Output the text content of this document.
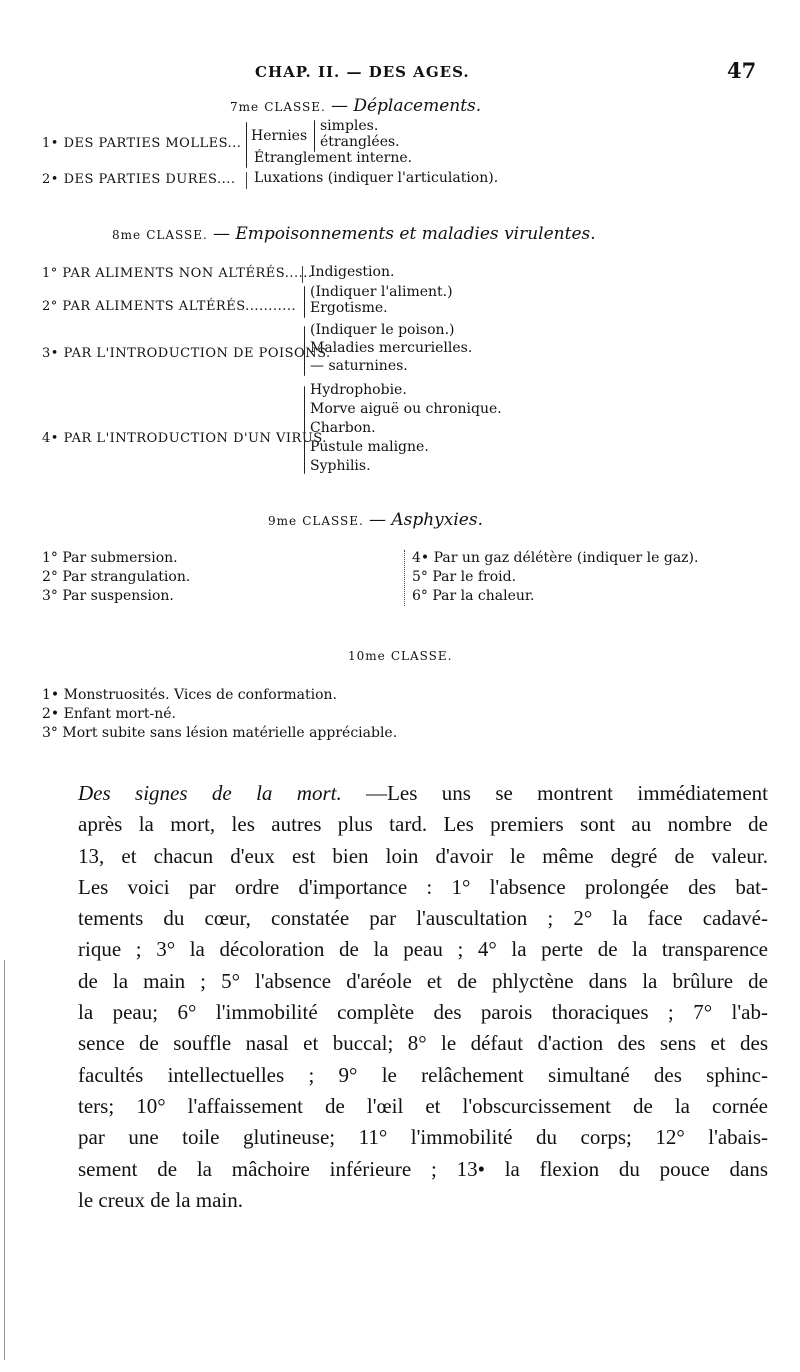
CHAP. II. — DES AGES.	47
7me CLASSE. — Déplacements.
1• DES PARTIES MOLLES... Hernies
simples.
étranglées.
Étranglement interne.
2• DES PARTIES DURES.... Luxations (indiquer l'articulation).
8me CLASSE. — Empoisonnements et maladies virulentes.
1° PAR ALIMENTS NON ALTÉRÉS......
Indigestion.
2° PAR ALIMENTS ALTÉRÉS...........
(Indiquer l'aliment.)
Ergotisme.
3• PAR L'INTRODUCTION DE POISONS.
(Indiquer le poison.)
Maladies mercurielles.
— saturnines.
4• PAR L'INTRODUCTION D'UN VIRUS.
Hydrophobie.
Morve aiguë ou chronique.
Charbon.
Pustule maligne.
Syphilis.
9me CLASSE. — Asphyxies.
1° Par submersion.
2° Par strangulation.
3° Par suspension.
4• Par un gaz délétère (indiquer le gaz).
5° Par le froid.
6° Par la chaleur.
10me CLASSE.
1• Monstruosités. Vices de conformation.
2• Enfant mort-né.
3° Mort subite sans lésion matérielle appréciable.

Des signes de la mort. —Les uns se montrent immédiatement

après la mort, les autres plus tard. Les premiers sont au nombre de

13, et chacun d'eux est bien loin d'avoir le même degré de valeur.

Les voici par ordre d'importance : 1° l'absence prolongée des bat-

tements du cœur, constatée par l'auscultation ; 2° la face cadavé-

rique ; 3° la décoloration de la peau ; 4° la perte de la transparence

de la main ; 5° l'absence d'aréole et de phlyctène dans la brûlure de

la peau; 6° l'immobilité complète des parois thoraciques ; 7° l'ab-

sence de souffle nasal et buccal; 8° le défaut d'action des sens et des

facultés intellectuelles ; 9° le relâchement simultané des sphinc-

ters; 10° l'affaissement de l'œil et l'obscurcissement de la cornée

par une toile glutineuse; 11° l'immobilité du corps; 12° l'abais-

sement de la mâchoire inférieure ; 13• la flexion du pouce dans

le creux de la main.
